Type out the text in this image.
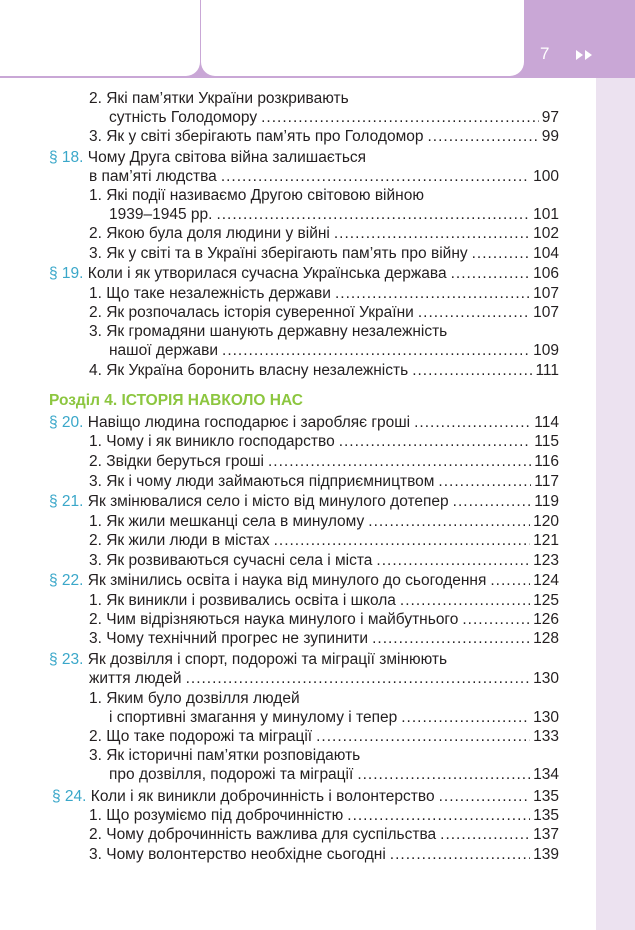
7
2. Які пам’ятки України розкривають
сутність Голодомору .....	97
3. Як у світі зберігають пам’ять про Голодомор .....	99
§ 18. Чому Друга світова війна залишається
в пам’яті людства .....	100
1. Які події називаємо Другою світовою війною
1939–1945 рр. .....	101
2. Якою була доля людини у війні .....	102
3. Як у світі та в Україні зберігають пам’ять про війну .....	104
§ 19. Коли і як утворилася сучасна Українська держава .....	106
1. Що таке незалежність держави .....	107
2. Як розпочалась історія суверенної України .....	107
3. Як громадяни шанують державну незалежність
нашої держави .....	109
4. Як Україна боронить власну незалежність .....	111
Розділ 4. ІСТОРІЯ НАВКОЛО НАС
§ 20. Навіщо людина господарює і заробляє гроші .....	114
1. Чому і як виникло господарство .....	115
2. Звідки беруться гроші .....	116
3. Як і чому люди займаються підприємництвом .....	117
§ 21. Як змінювалися село і місто від минулого дотепер .....	119
1. Як жили мешканці села в минулому .....	120
2. Як жили люди в містах .....	121
3. Як розвиваються сучасні села і міста .....	123
§ 22. Як змінились освіта і наука від минулого до сьогодення .....	124
1. Як виникли і розвивались освіта і школа .....	125
2. Чим відрізняються наука минулого і майбутнього .....	126
3. Чому технічний прогрес не зупинити .....	128
§ 23. Як дозвілля і спорт, подорожі та міграції змінюють
життя людей .....	130
1. Яким було дозвілля людей
і спортивні змагання у минулому і тепер .....	130
2. Що таке подорожі та міграції .....	133
3. Як історичні пам’ятки розповідають
про дозвілля, подорожі та міграції .....	134
§ 24. Коли і як виникли доброчинність і волонтерство .....	135
1. Що розуміємо під доброчинністю .....	135
2. Чому доброчинність важлива для суспільства .....	137
3. Чому волонтерство необхідне сьогодні .....	139
